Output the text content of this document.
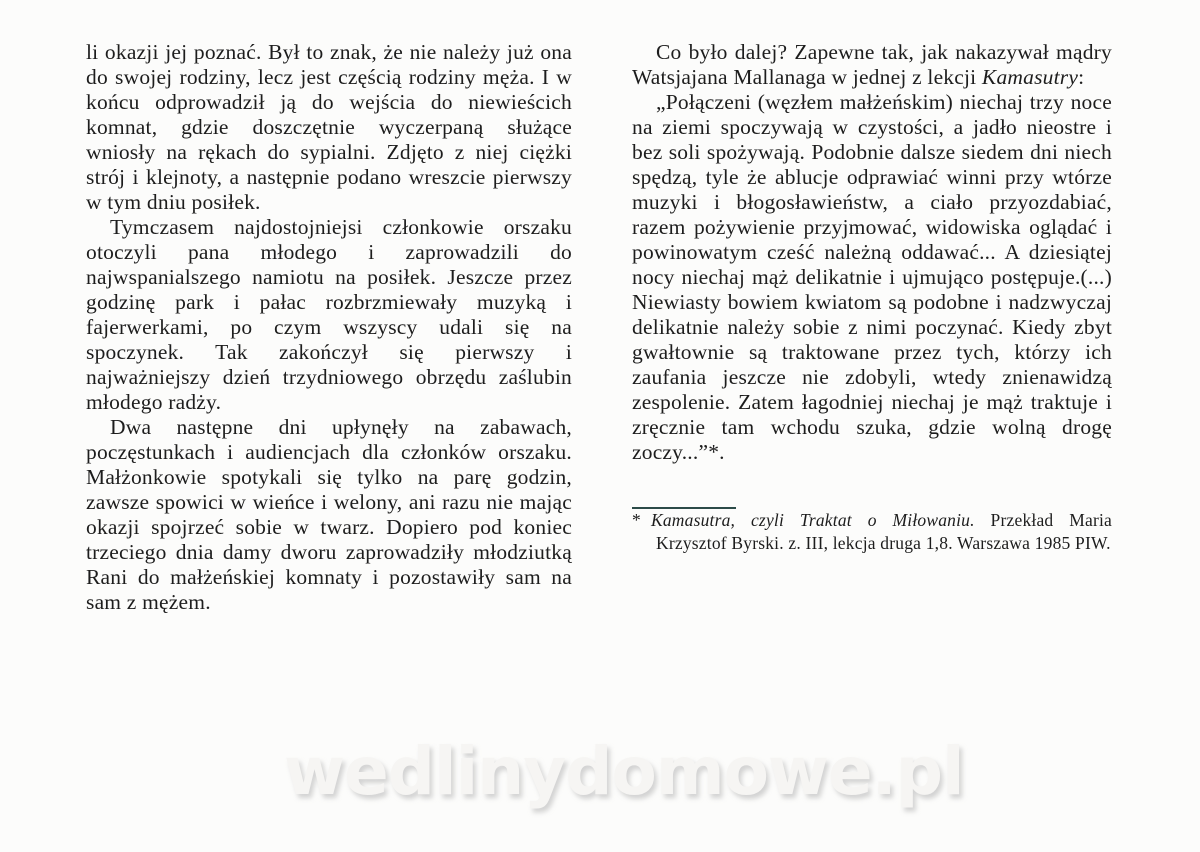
li okazji jej poznać. Był to znak, że nie należy już ona do swojej rodziny, lecz jest częścią rodziny męża. I w końcu odprowadził ją do wejścia do niewieścich komnat, gdzie doszczętnie wyczerpaną służące wniosły na rękach do sypialni. Zdjęto z niej ciężki strój i klejnoty, a następnie podano wreszcie pierwszy w tym dniu posiłek.

Tymczasem najdostojniejsi członkowie orszaku otoczyli pana młodego i zaprowadzili do najwspanialszego namiotu na posiłek. Jeszcze przez godzinę park i pałac rozbrzmiewały muzyką i fajerwerkami, po czym wszyscy udali się na spoczynek. Tak zakończył się pierwszy i najważniejszy dzień trzydniowego obrzędu zaślubin młodego radży.

Dwa następne dni upłynęły na zabawach, poczęstunkach i audiencjach dla członków orszaku. Małżonkowie spotykali się tylko na parę godzin, zawsze spowici w wieńce i welony, ani razu nie mając okazji spojrzeć sobie w twarz. Dopiero pod koniec trzeciego dnia damy dworu zaprowadziły młodziutką Rani do małżeńskiej komnaty i pozostawiły sam na sam z mężem.

Co było dalej? Zapewne tak, jak nakazywał mądry Watsjajana Mallanaga w jednej z lekcji Kamasutry:

„Połączeni (węzłem małżeńskim) niechaj trzy noce na ziemi spoczywają w czystości, a jadło nieostre i bez soli spożywają. Podobnie dalsze siedem dni niech spędzą, tyle że ablucje odprawiać winni przy wtórze muzyki i błogosławieństw, a ciało przyozdabiać, razem pożywienie przyjmować, widowiska oglądać i powinowatym cześć należną oddawać... A dziesiątej nocy niechaj mąż delikatnie i ujmująco postępuje.(...) Niewiasty bowiem kwiatom są podobne i nadzwyczaj delikatnie należy sobie z nimi poczynać. Kiedy zbyt gwałtownie są traktowane przez tych, którzy ich zaufania jeszcze nie zdobyli, wtedy znienawidzą zespolenie. Zatem łagodniej niechaj je mąż traktuje i zręcznie tam wchodu szuka, gdzie wolną drogę zoczy...”*.

* Kamasutra, czyli Traktat o Miłowaniu. Przekład Maria Krzysztof Byrski. z. III, lekcja druga 1,8. Warszawa 1985 PIW.

wedlinydomowe.pl
